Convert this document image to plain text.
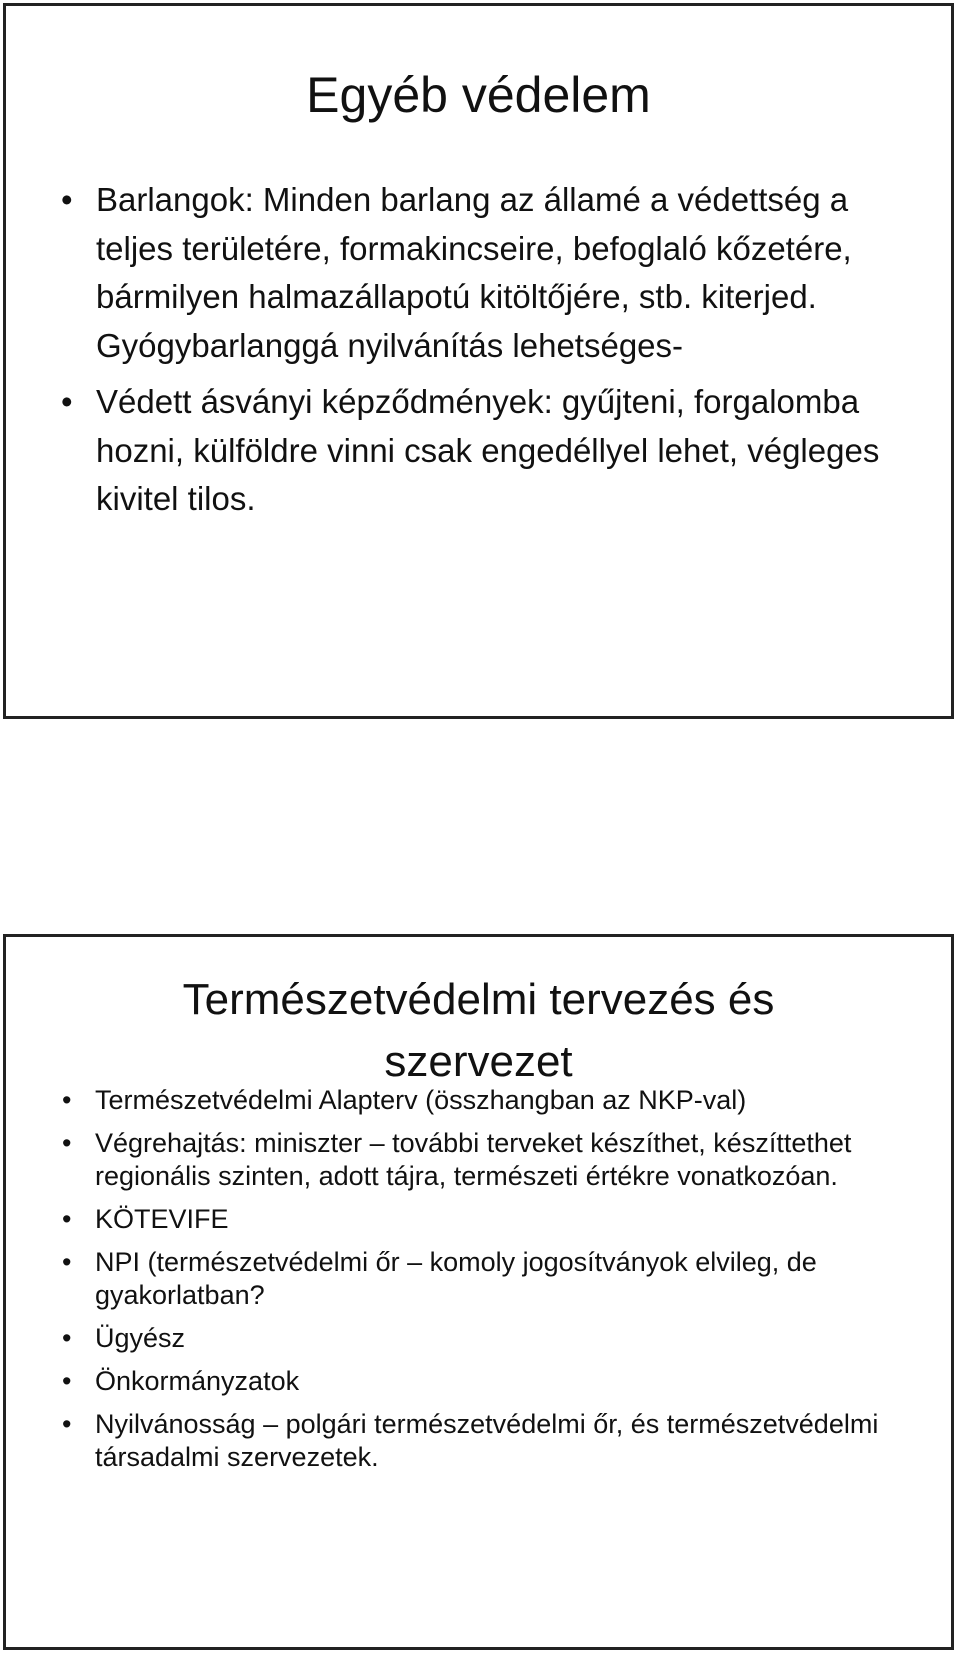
Egyéb védelem
• Barlangok: Minden barlang az államé a védettség a teljes területére, formakincseire, befoglaló kőzetére, bármilyen halmazállapotú kitöltőjére, stb. kiterjed. Gyógybarlanggá nyilvánítás lehetséges-
• Védett ásványi képződmények: gyűjteni, forgalomba hozni, külföldre vinni csak engedéllyel lehet, végleges kivitel tilos.
Természetvédelmi tervezés és
szervezet
• Természetvédelmi Alapterv (összhangban az NKP-val)
• Végrehajtás: miniszter – további terveket készíthet, készíttethet regionális szinten, adott tájra, természeti értékre vonatkozóan.
• KÖTEVIFE
• NPI (természetvédelmi őr – komoly jogosítványok elvileg, de gyakorlatban?
• Ügyész
• Önkormányzatok
• Nyilvánosság – polgári természetvédelmi őr, és természetvédelmi társadalmi szervezetek.
